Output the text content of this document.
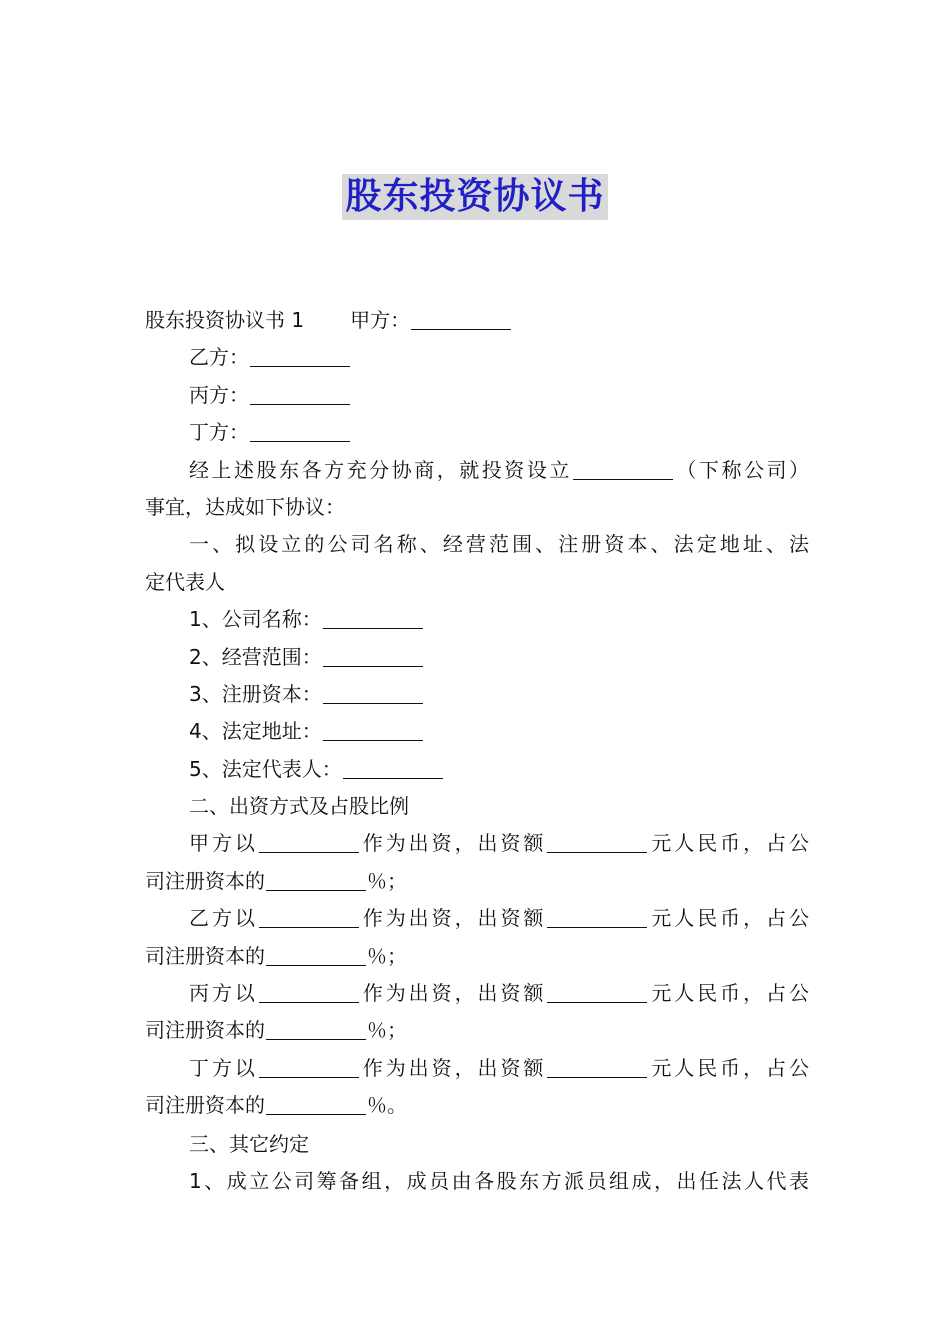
股东投资协议书
股东投资协议书 1 甲方：
乙方：
丙方：
丁方：
经上述股东各方充分协商，就投资设立	（下称公司）
事宜，达成如下协议：
一、拟设立的公司名称、经营范围、注册资本、法定地址、法
定代表人
1、公司名称：
2、经营范围：
3、注册资本：
4、法定地址：
5、法定代表人：
二、出资方式及占股比例
甲方以	作为出资，出资额	元人民币，占公
司注册资本的	％；
乙方以	作为出资，出资额	元人民币，占公
司注册资本的	％；
丙方以	作为出资，出资额	元人民币，占公
司注册资本的	％；
丁方以	作为出资，出资额	元人民币，占公
司注册资本的	％。
三、其它约定
1、成立公司筹备组，成员由各股东方派员组成，出任法人代表
